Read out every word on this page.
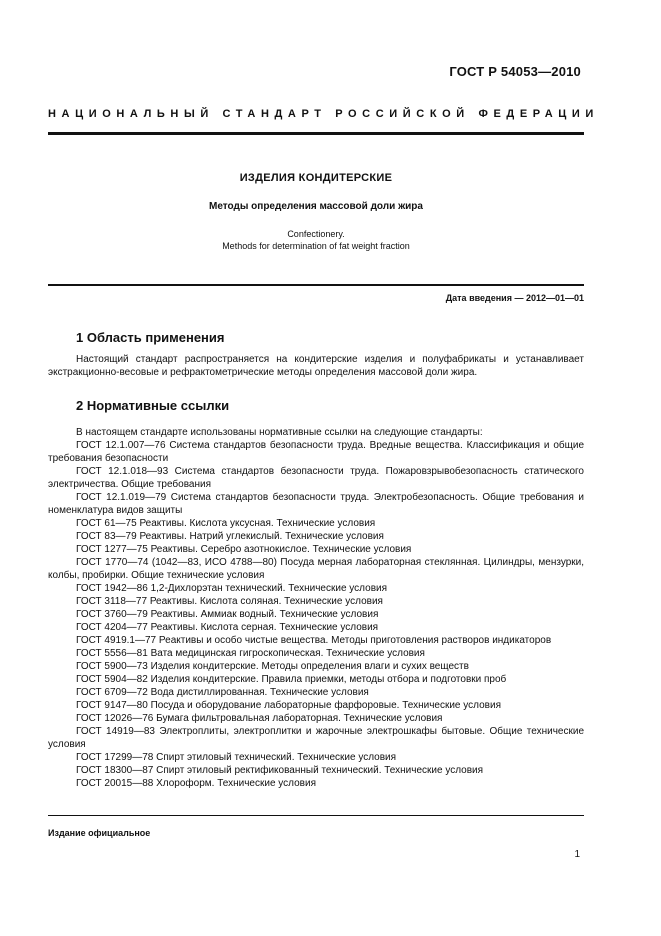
ГОСТ Р 54053—2010
НАЦИОНАЛЬНЫЙ СТАНДАРТ РОССИЙСКОЙ ФЕДЕРАЦИИ
ИЗДЕЛИЯ КОНДИТЕРСКИЕ
Методы определения массовой доли жира
Confectionery.
Methods for determination of fat weight fraction
Дата введения — 2012—01—01
1 Область применения
Настоящий стандарт распространяется на кондитерские изделия и полуфабрикаты и устанавливает экстракционно-весовые и рефрактометрические методы определения массовой доли жира.
2 Нормативные ссылки
В настоящем стандарте использованы нормативные ссылки на следующие стандарты:
ГОСТ 12.1.007—76 Система стандартов безопасности труда. Вредные вещества. Классификация и общие требования безопасности
ГОСТ 12.1.018—93 Система стандартов безопасности труда. Пожаровзрывобезопасность статического электричества. Общие требования
ГОСТ 12.1.019—79 Система стандартов безопасности труда. Электробезопасность. Общие требования и номенклатура видов защиты
ГОСТ 61—75 Реактивы. Кислота уксусная. Технические условия
ГОСТ 83—79 Реактивы. Натрий углекислый. Технические условия
ГОСТ 1277—75 Реактивы. Серебро азотнокислое. Технические условия
ГОСТ 1770—74 (1042—83, ИСО 4788—80) Посуда мерная лабораторная стеклянная. Цилиндры, мензурки, колбы, пробирки. Общие технические условия
ГОСТ 1942—86 1,2-Дихлорэтан технический. Технические условия
ГОСТ 3118—77 Реактивы. Кислота соляная. Технические условия
ГОСТ 3760—79 Реактивы. Аммиак водный. Технические условия
ГОСТ 4204—77 Реактивы. Кислота серная. Технические условия
ГОСТ 4919.1—77 Реактивы и особо чистые вещества. Методы приготовления растворов индикаторов
ГОСТ 5556—81 Вата медицинская гигроскопическая. Технические условия
ГОСТ 5900—73 Изделия кондитерские. Методы определения влаги и сухих веществ
ГОСТ 5904—82 Изделия кондитерские. Правила приемки, методы отбора и подготовки проб
ГОСТ 6709—72 Вода дистиллированная. Технические условия
ГОСТ 9147—80 Посуда и оборудование лабораторные фарфоровые. Технические условия
ГОСТ 12026—76 Бумага фильтровальная лабораторная. Технические условия
ГОСТ 14919—83 Электроплиты, электроплитки и жарочные электрошкафы бытовые. Общие технические условия
ГОСТ 17299—78 Спирт этиловый технический. Технические условия
ГОСТ 18300—87 Спирт этиловый ректификованный технический. Технические условия
ГОСТ 20015—88 Хлороформ. Технические условия
Издание официальное
1
